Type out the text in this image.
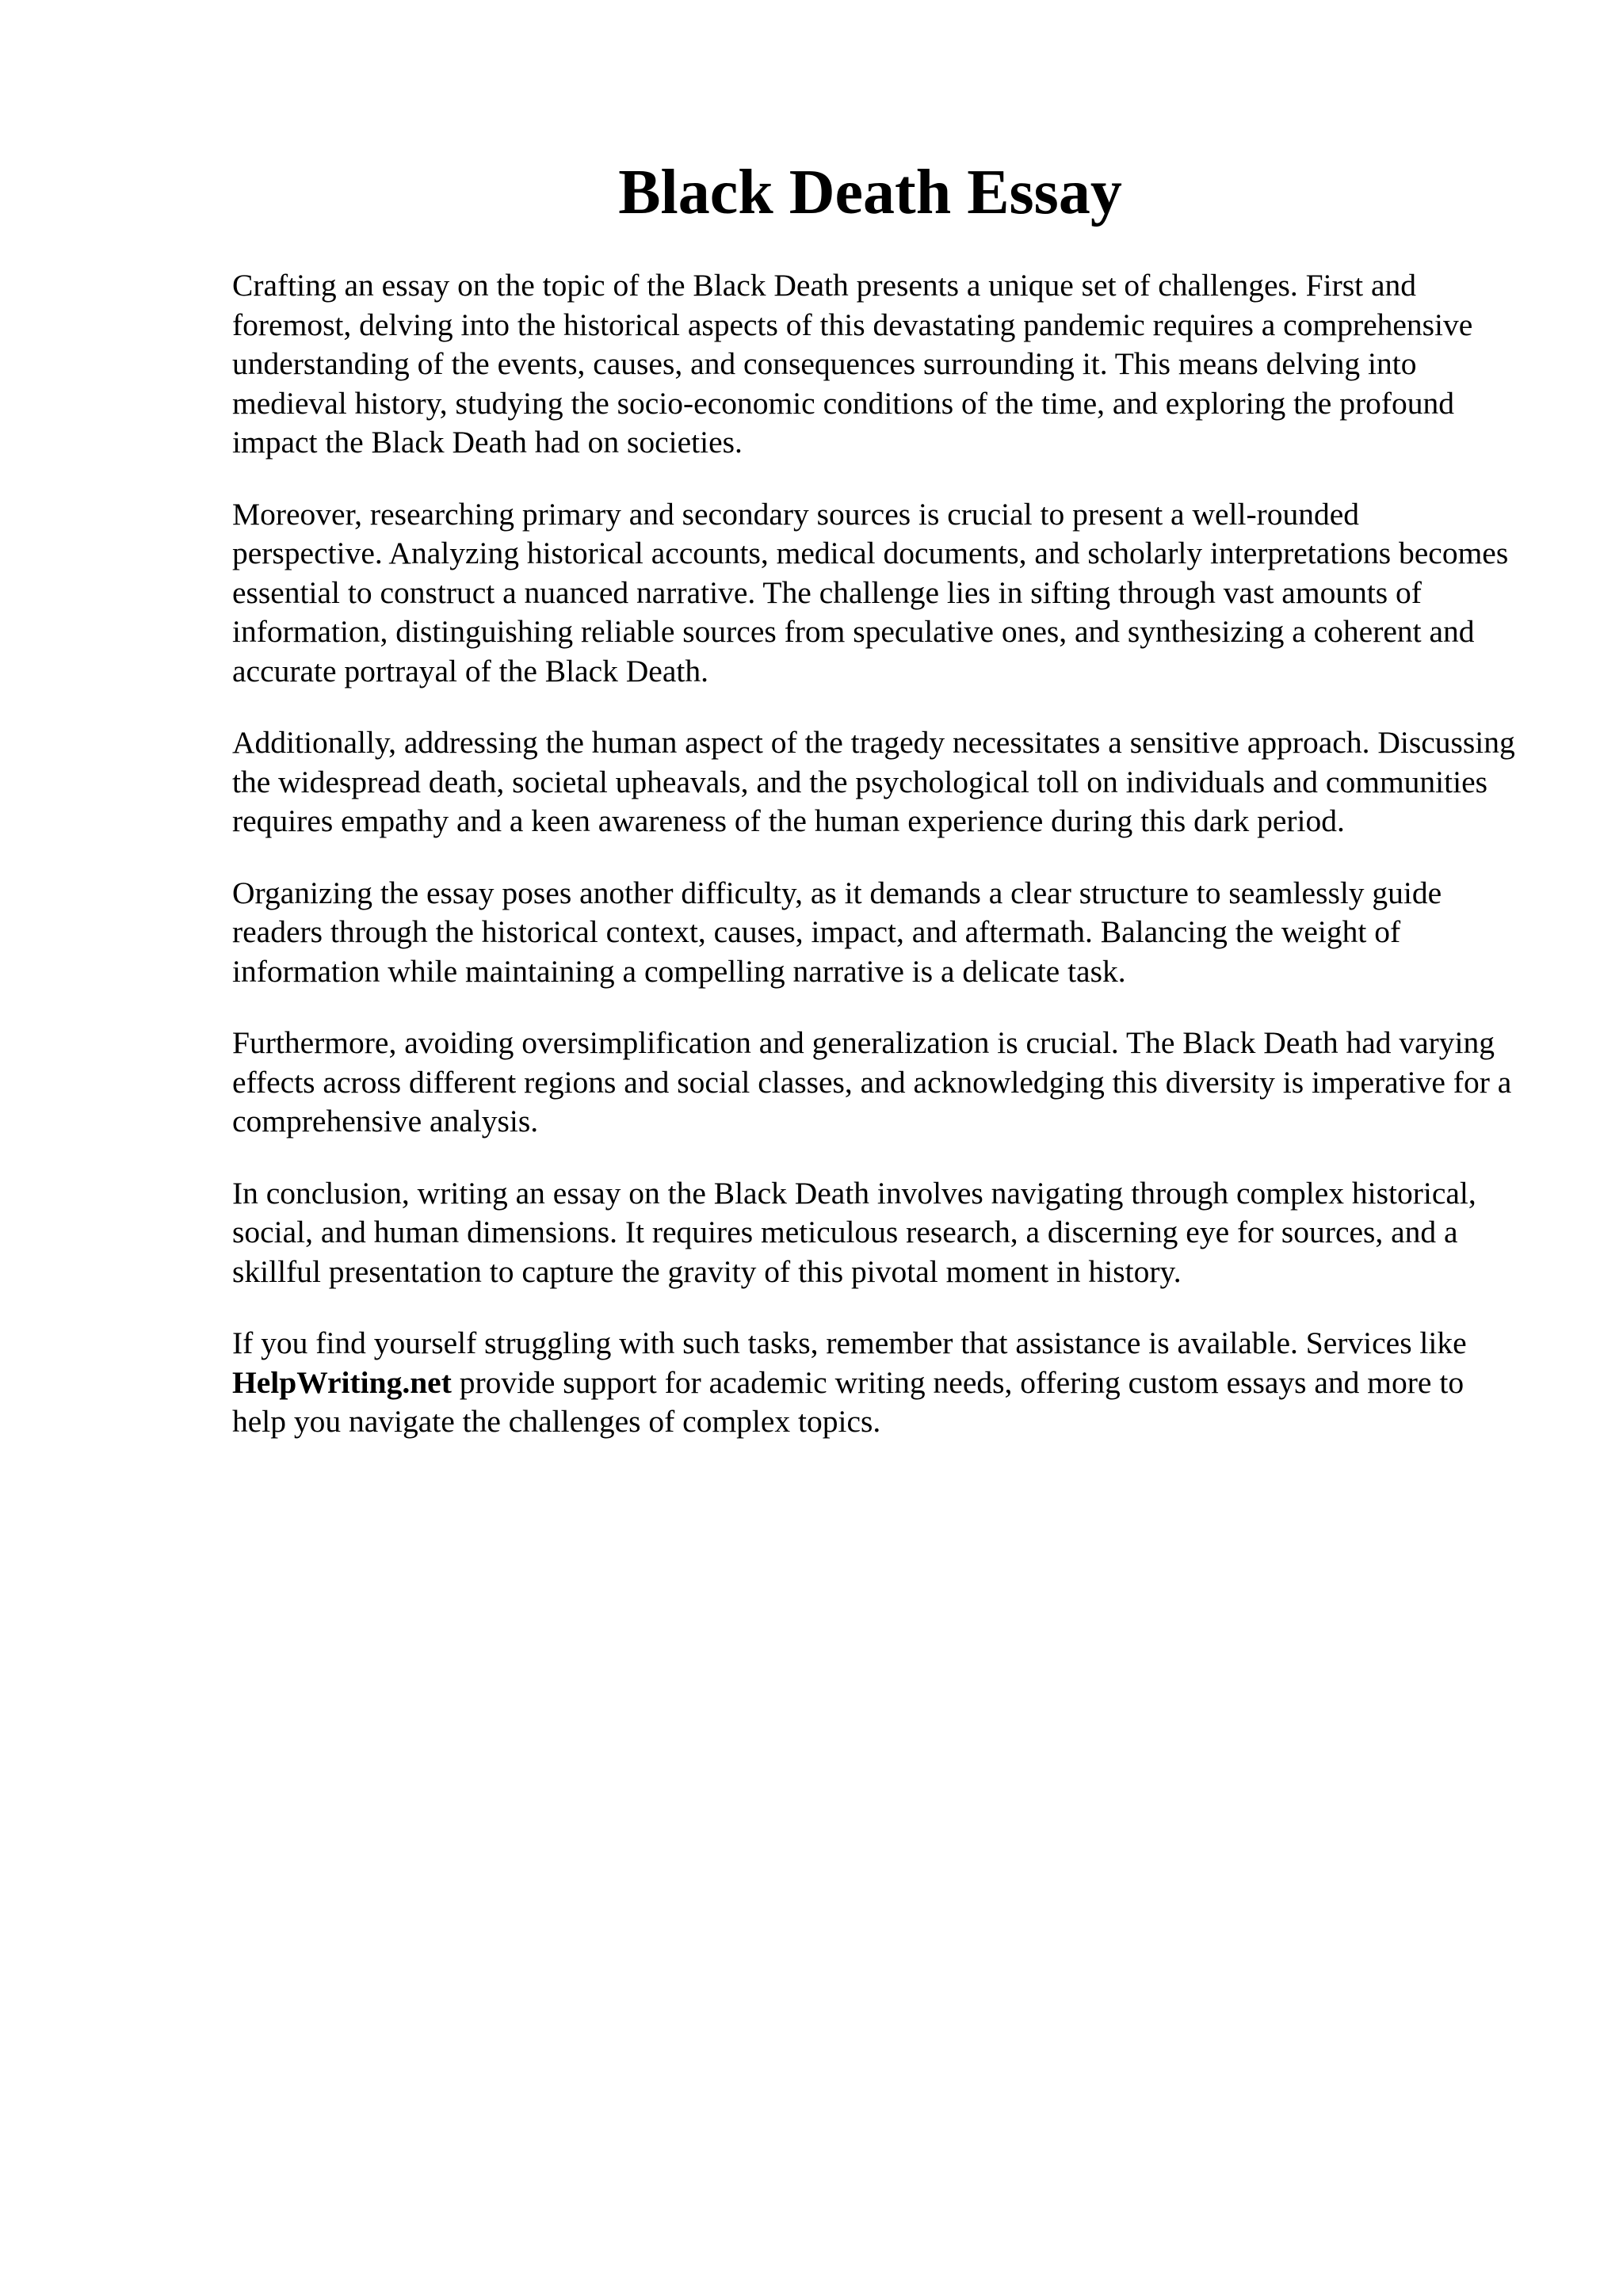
Black Death Essay

Crafting an essay on the topic of the Black Death presents a unique set of challenges. First and foremost, delving into the historical aspects of this devastating pandemic requires a comprehensive understanding of the events, causes, and consequences surrounding it. This means delving into medieval history, studying the socio-economic conditions of the time, and exploring the profound impact the Black Death had on societies.

Moreover, researching primary and secondary sources is crucial to present a well-rounded perspective. Analyzing historical accounts, medical documents, and scholarly interpretations becomes essential to construct a nuanced narrative. The challenge lies in sifting through vast amounts of information, distinguishing reliable sources from speculative ones, and synthesizing a coherent and accurate portrayal of the Black Death.

Additionally, addressing the human aspect of the tragedy necessitates a sensitive approach. Discussing the widespread death, societal upheavals, and the psychological toll on individuals and communities requires empathy and a keen awareness of the human experience during this dark period.

Organizing the essay poses another difficulty, as it demands a clear structure to seamlessly guide readers through the historical context, causes, impact, and aftermath. Balancing the weight of information while maintaining a compelling narrative is a delicate task.

Furthermore, avoiding oversimplification and generalization is crucial. The Black Death had varying effects across different regions and social classes, and acknowledging this diversity is imperative for a comprehensive analysis.

In conclusion, writing an essay on the Black Death involves navigating through complex historical, social, and human dimensions. It requires meticulous research, a discerning eye for sources, and a skillful presentation to capture the gravity of this pivotal moment in history.

If you find yourself struggling with such tasks, remember that assistance is available. Services like HelpWriting.net provide support for academic writing needs, offering custom essays and more to help you navigate the challenges of complex topics.
